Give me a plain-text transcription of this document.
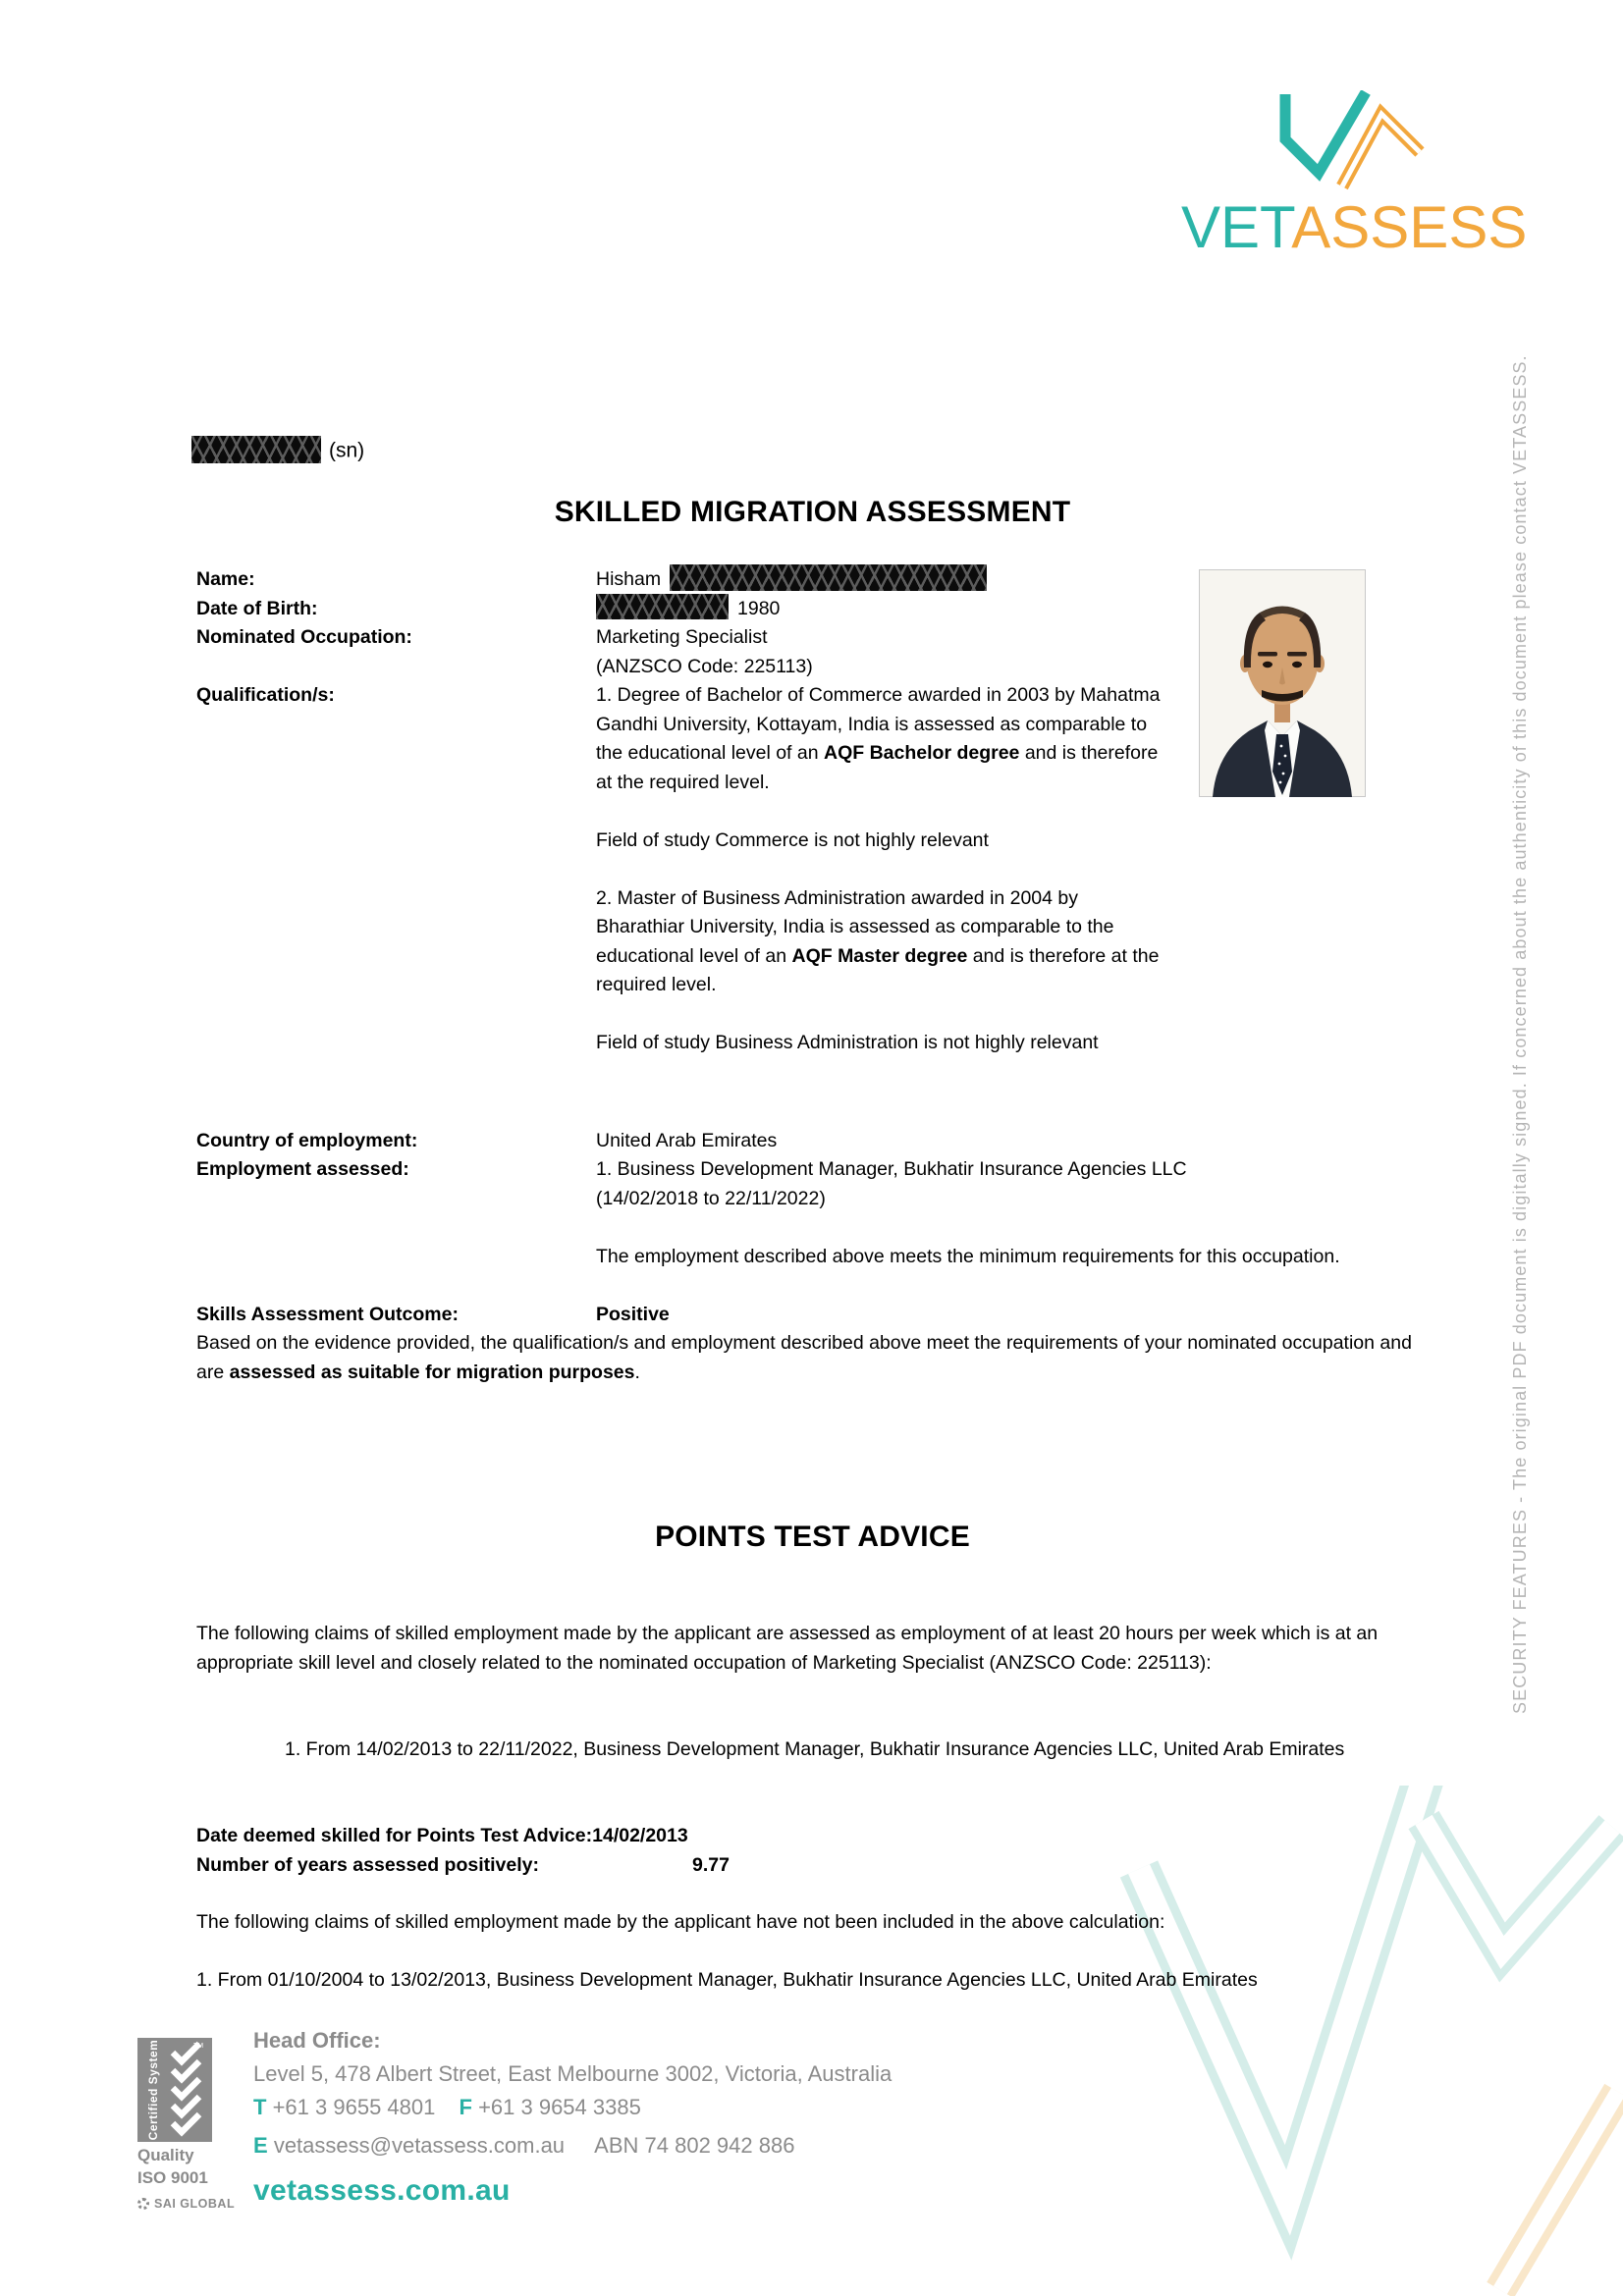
VETASSESS
(sn)
SKILLED MIGRATION ASSESSMENT
Name:	Hisham
Date of Birth:	1980
Nominated Occupation:	Marketing Specialist
(ANZSCO Code: 225113)
Qualification/s:	1. Degree of Bachelor of Commerce awarded in 2003 by Mahatma Gandhi University, Kottayam, India is assessed as comparable to the educational level of an AQF Bachelor degree and is therefore at the required level.
Field of study Commerce is not highly relevant
2. Master of Business Administration awarded in 2004 by Bharathiar University, India is assessed as comparable to the educational level of an AQF Master degree and is therefore at the required level.
Field of study Business Administration is not highly relevant
Country of employment:	United Arab Emirates
Employment assessed:	1. Business Development Manager, Bukhatir Insurance Agencies LLC
(14/02/2018 to 22/11/2022)
The employment described above meets the minimum requirements for this occupation.
Skills Assessment Outcome:	Positive
Based on the evidence provided, the qualification/s and employment described above meet the requirements of your nominated occupation and are assessed as suitable for migration purposes.
POINTS TEST ADVICE
The following claims of skilled employment made by the applicant are assessed as employment of at least 20 hours per week which is at an appropriate skill level and closely related to the nominated occupation of Marketing Specialist (ANZSCO Code: 225113):
1. From 14/02/2013 to 22/11/2022, Business Development Manager, Bukhatir Insurance Agencies LLC, United Arab Emirates
Date deemed skilled for Points Test Advice:14/02/2013
Number of years assessed positively:	9.77
The following claims of skilled employment made by the applicant have not been included in the above calculation:
1. From 01/10/2004 to 13/02/2013, Business Development Manager, Bukhatir Insurance Agencies LLC, United Arab Emirates
SECURITY FEATURES - The original PDF document is digitally signed. If concerned about the authenticity of this document please contact VETASSESS.
TM
Certified System
Quality
ISO 9001
SAI GLOBAL
Head Office:
Level 5, 478 Albert Street, East Melbourne 3002, Victoria, Australia
T +61 3 9655 4801 F +61 3 9654 3385
E vetassess@vetassess.com.au ABN 74 802 942 886
vetassess.com.au
